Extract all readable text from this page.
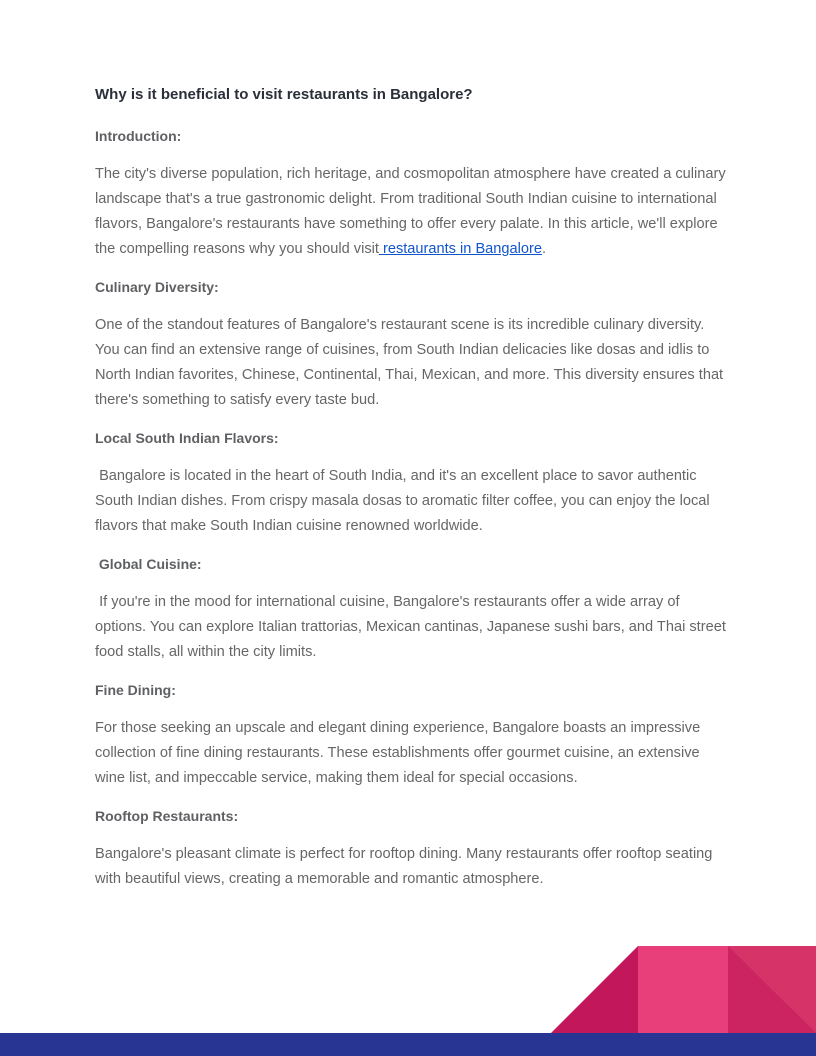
Why is it beneficial to visit restaurants in Bangalore?
Introduction:
The city's diverse population, rich heritage, and cosmopolitan atmosphere have created a culinary landscape that's a true gastronomic delight. From traditional South Indian cuisine to international flavors, Bangalore's restaurants have something to offer every palate. In this article, we'll explore the compelling reasons why you should visit restaurants in Bangalore.
Culinary Diversity:
One of the standout features of Bangalore's restaurant scene is its incredible culinary diversity. You can find an extensive range of cuisines, from South Indian delicacies like dosas and idlis to North Indian favorites, Chinese, Continental, Thai, Mexican, and more. This diversity ensures that there's something to satisfy every taste bud.
Local South Indian Flavors:
Bangalore is located in the heart of South India, and it's an excellent place to savor authentic South Indian dishes. From crispy masala dosas to aromatic filter coffee, you can enjoy the local flavors that make South Indian cuisine renowned worldwide.
Global Cuisine:
If you're in the mood for international cuisine, Bangalore's restaurants offer a wide array of options. You can explore Italian trattorias, Mexican cantinas, Japanese sushi bars, and Thai street food stalls, all within the city limits.
Fine Dining:
For those seeking an upscale and elegant dining experience, Bangalore boasts an impressive collection of fine dining restaurants. These establishments offer gourmet cuisine, an extensive wine list, and impeccable service, making them ideal for special occasions.
Rooftop Restaurants:
Bangalore's pleasant climate is perfect for rooftop dining. Many restaurants offer rooftop seating with beautiful views, creating a memorable and romantic atmosphere.
